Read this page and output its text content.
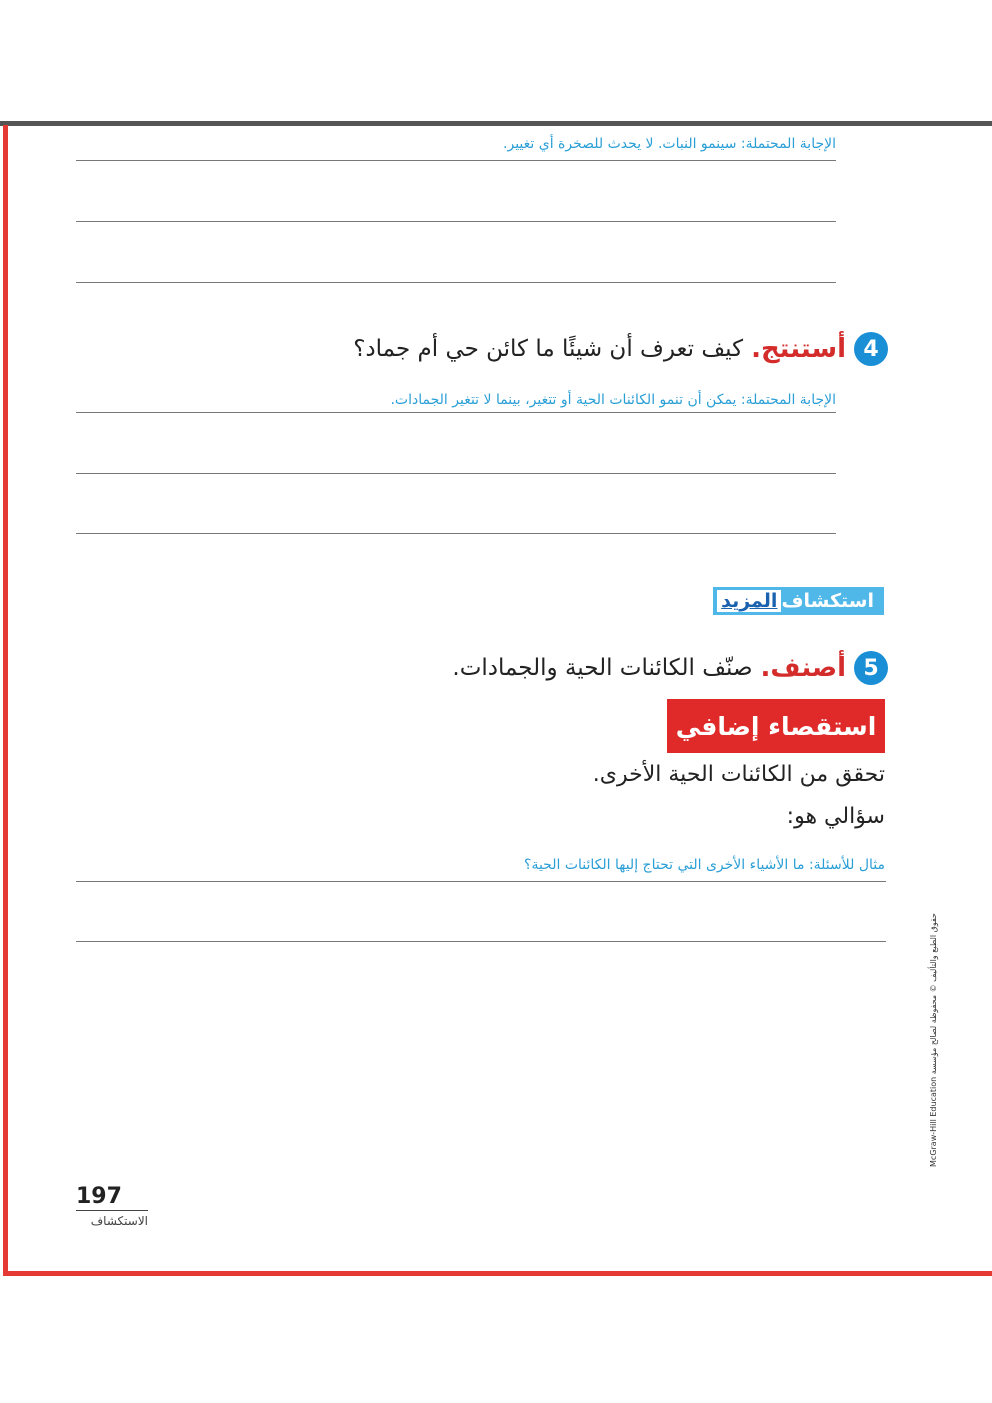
الإجابة المحتملة: سينمو النبات. لا يحدث للصخرة أي تغيير.
4
أستنتج.
كيف تعرف أن شيئًا ما كائن حي أم جماد؟
الإجابة المحتملة: يمكن أن تنمو الكائنات الحية أو تتغير، بينما لا تتغير الجمادات.
استكشاف
المزيد
5
أصنف.
صنّف الكائنات الحية والجمادات.
استقصاء إضافي
تحقق من الكائنات الحية الأخرى.
سؤالي هو:
مثال للأسئلة: ما الأشياء الأخرى التي تحتاج إليها الكائنات الحية؟
حقوق الطبع والتأليف © محفوظة لصالح مؤسسة McGraw-Hill Education
197
الاستكشاف
